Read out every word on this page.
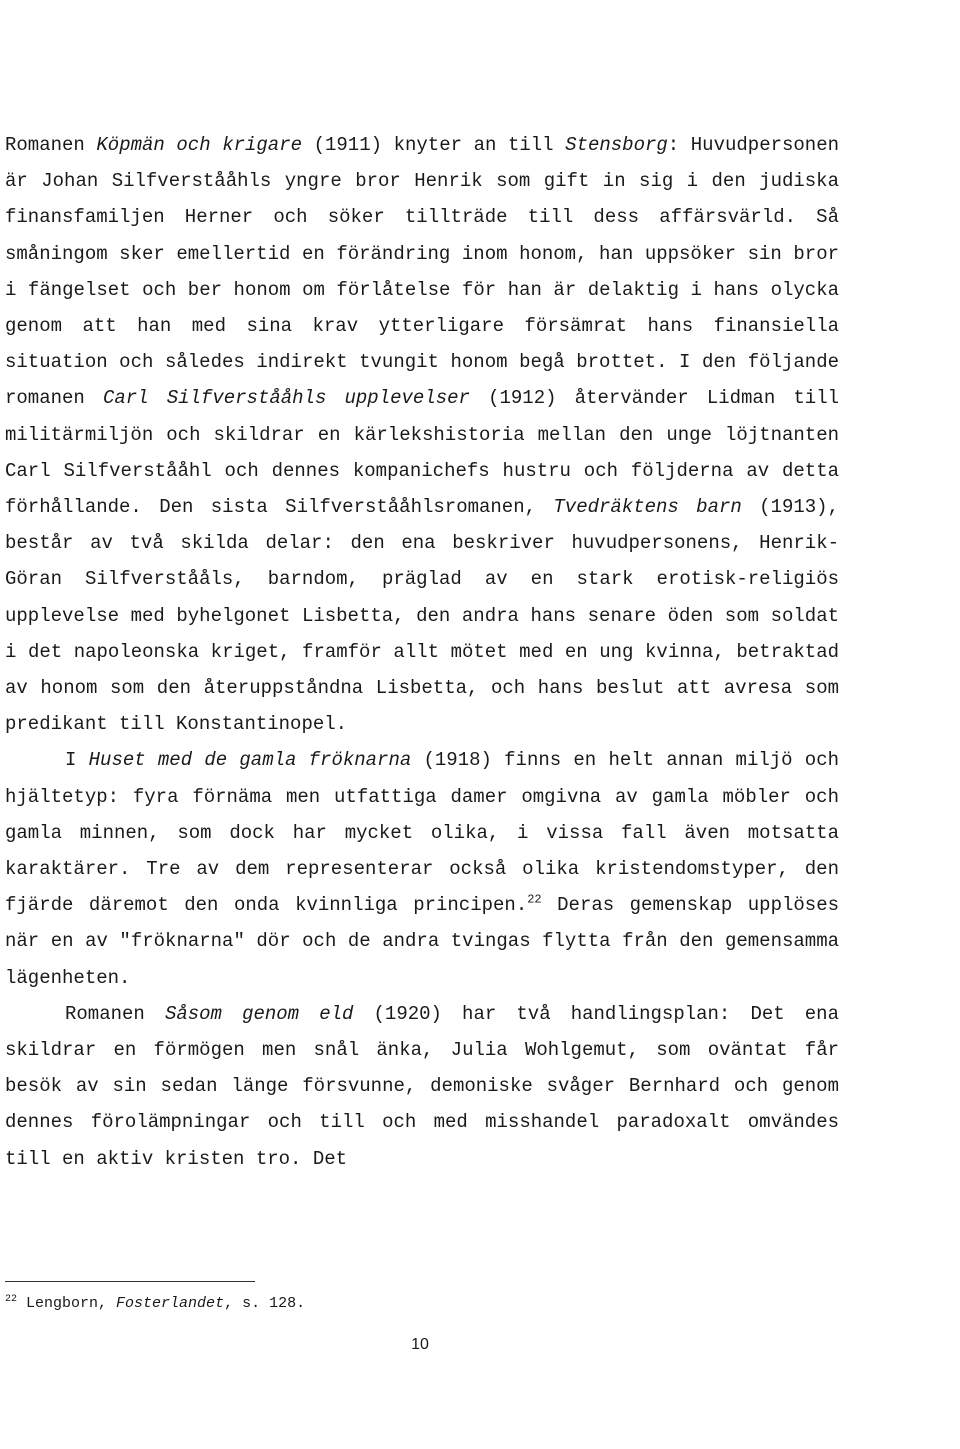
Romanen Köpmän och krigare (1911) knyter an till Stensborg: Huvudpersonen är Johan Silfverstååhls yngre bror Henrik som gift in sig i den judiska finansfamiljen Herner och söker tillträde till dess affärsvärld. Så småningom sker emellertid en förändring inom honom, han uppsöker sin bror i fängelset och ber honom om förlåtelse för han är delaktig i hans olycka genom att han med sina krav ytterligare försämrat hans finansiella situation och således indirekt tvungit honom begå brottet. I den följande romanen Carl Silfverstååhls upplevelser (1912) återvänder Lidman till militärmiljön och skildrar en kärlekshistoria mellan den unge löjtnanten Carl Silfverstååhl och dennes kompanichefs hustru och följderna av detta förhållande. Den sista Silfverstååhlsromanen, Tvedräktens barn (1913), består av två skilda delar: den ena beskriver huvudpersonens, Henrik-Göran Silfverstååls, barndom, präglad av en stark erotisk-religiös upplevelse med byhelgonet Lisbetta, den andra hans senare öden som soldat i det napoleonska kriget, framför allt mötet med en ung kvinna, betraktad av honom som den återuppståndna Lisbetta, och hans beslut att avresa som predikant till Konstantinopel.

I Huset med de gamla fröknarna (1918) finns en helt annan miljö och hjältetyp: fyra förnäma men utfattiga damer omgivna av gamla möbler och gamla minnen, som dock har mycket olika, i vissa fall även motsatta karaktärer. Tre av dem representerar också olika kristendomstyper, den fjärde däremot den onda kvinnliga principen.$^{22}$ Deras gemenskap upplöses när en av "fröknarna" dör och de andra tvingas flytta från den gemensamma lägenheten.

Romanen Såsom genom eld (1920) har två handlingsplan: Det ena skildrar en förmögen men snål änka, Julia Wohlgemut, som oväntat får besök av sin sedan länge försvunne, demoniske svåger Bernhard och genom dennes förolämpningar och till och med misshandel paradoxalt omvändes till en aktiv kristen tro. Det

$^{22}$ Lengborn, Fosterlandet, s. 128.
10
